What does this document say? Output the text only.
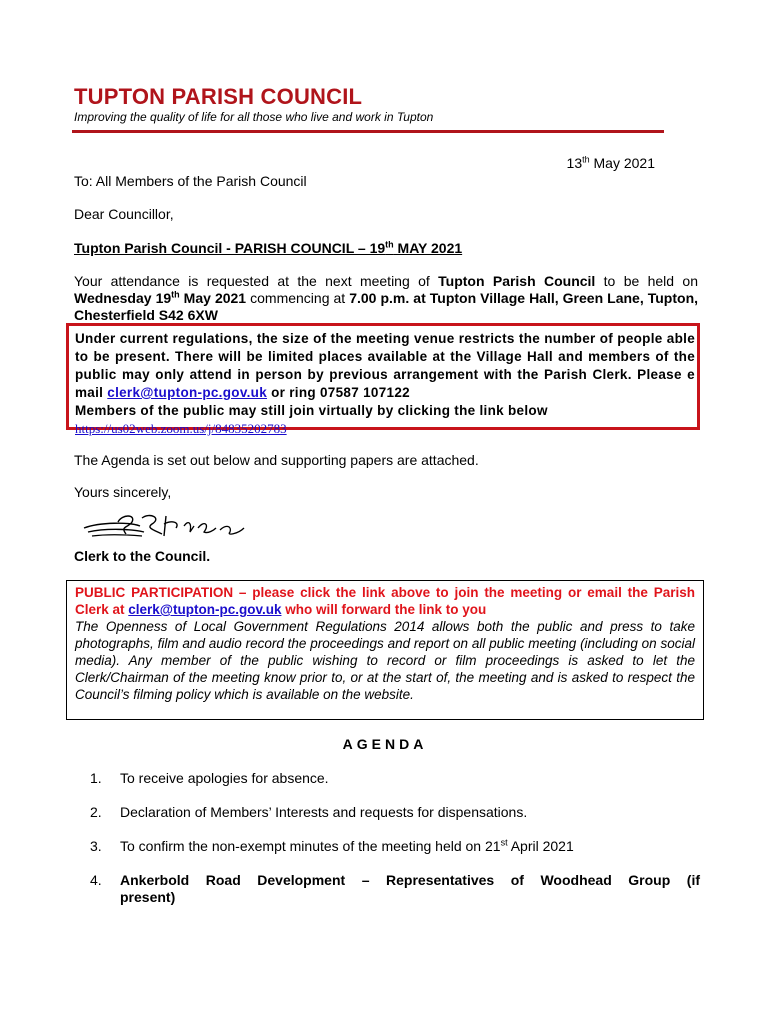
TUPTON PARISH COUNCIL
Improving the quality of life for all those who live and work in Tupton
13th May 2021
To: All Members of the Parish Council
Dear Councillor,
Tupton Parish Council - PARISH COUNCIL – 19th MAY 2021
Your attendance is requested at the next meeting of Tupton Parish Council to be held on Wednesday 19th May 2021 commencing at 7.00 p.m. at Tupton Village Hall, Green Lane, Tupton, Chesterfield S42 6XW
Under current regulations, the size of the meeting venue restricts the number of people able to be present. There will be limited places available at the Village Hall and members of the public may only attend in person by previous arrangement with the Parish Clerk. Please e mail clerk@tupton-pc.gov.uk or ring 07587 107122
Members of the public may still join virtually by clicking the link below
https://us02web.zoom.us/j/84835202783
The Agenda is set out below and supporting papers are attached.
Yours sincerely,
Clerk to the Council.
PUBLIC PARTICIPATION – please click the link above to join the meeting or email the Parish Clerk at clerk@tupton-pc.gov.uk who will forward the link to you
The Openness of Local Government Regulations 2014 allows both the public and press to take photographs, film and audio record the proceedings and report on all public meeting (including on social media). Any member of the public wishing to record or film proceedings is asked to let the Clerk/Chairman of the meeting know prior to, or at the start of, the meeting and is asked to respect the Council’s filming policy which is available on the website.
AGENDA
1. To receive apologies for absence.
2. Declaration of Members’ Interests and requests for dispensations.
3. To confirm the non-exempt minutes of the meeting held on 21st April 2021
4. Ankerbold Road Development – Representatives of Woodhead Group (if present)
